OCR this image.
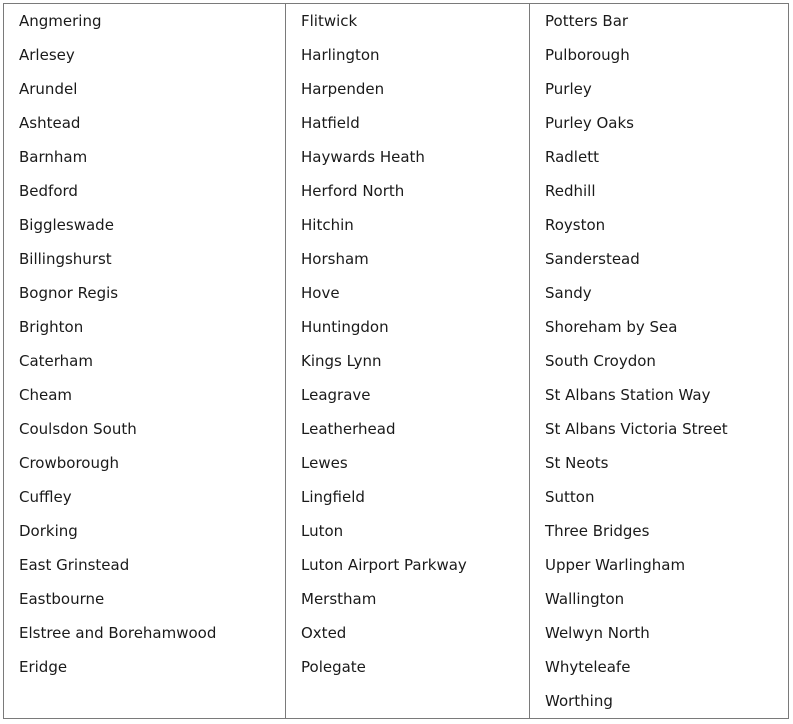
Angmering
Arlesey
Arundel
Ashtead
Barnham
Bedford
Biggleswade
Billingshurst
Bognor Regis
Brighton
Caterham
Cheam
Coulsdon South
Crowborough
Cuffley
Dorking
East Grinstead
Eastbourne
Elstree and Borehamwood
Eridge
Flitwick
Harlington
Harpenden
Hatfield
Haywards Heath
Herford North
Hitchin
Horsham
Hove
Huntingdon
Kings Lynn
Leagrave
Leatherhead
Lewes
Lingfield
Luton
Luton Airport Parkway
Merstham
Oxted
Polegate
Potters Bar
Pulborough
Purley
Purley Oaks
Radlett
Redhill
Royston
Sanderstead
Sandy
Shoreham by Sea
South Croydon
St Albans Station Way
St Albans Victoria Street
St Neots
Sutton
Three Bridges
Upper Warlingham
Wallington
Welwyn North
Whyteleafe
Worthing
